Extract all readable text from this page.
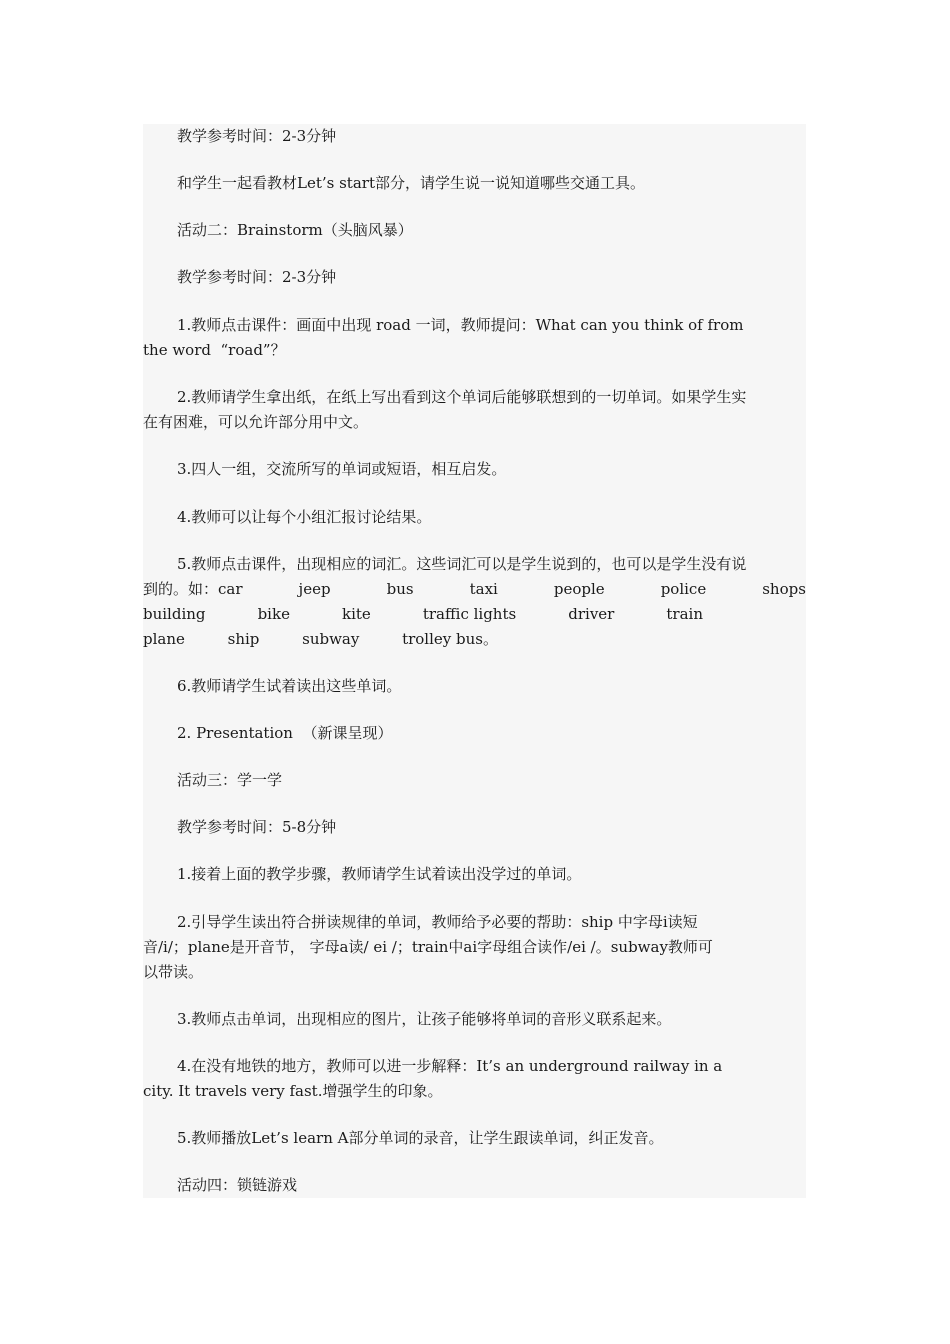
教学参考时间：2-3分钟

和学生一起看教材Let’s start部分，请学生说一说知道哪些交通工具。

活动二：Brainstorm（头脑风暴）

教学参考时间：2-3分钟

1.教师点击课件：画面中出现 road 一词，教师提问：What can you think of from
the word  “road”？

2.教师请学生拿出纸，在纸上写出看到这个单词后能够联想到的一切单词。如果学生实
在有困难，可以允许部分用中文。

3.四人一组，交流所写的单词或短语，相互启发。

4.教师可以让每个小组汇报讨论结果。

5.教师点击课件，出现相应的词汇。这些词汇可以是学生说到的，也可以是学生没有说
到的。如：car	jeep	bus	taxi	people	police	shops
building	bike	kite	traffic lights	driver	train
plane	ship	subway	trolley bus。

6.教师请学生试着读出这些单词。

2. Presentation  （新课呈现）

活动三：学一学

教学参考时间：5-8分钟

1.接着上面的教学步骤，教师请学生试着读出没学过的单词。

2.引导学生读出符合拼读规律的单词，教师给予必要的帮助：ship 中字母i读短
音/i/；plane是开音节， 字母a读/ ei /；train中ai字母组合读作/ei /。subway教师可
以带读。

3.教师点击单词，出现相应的图片，让孩子能够将单词的音形义联系起来。

4.在没有地铁的地方，教师可以进一步解释：It’s an underground railway in a
city. It travels very fast.增强学生的印象。

5.教师播放Let’s learn A部分单词的录音，让学生跟读单词，纠正发音。

活动四：锁链游戏
